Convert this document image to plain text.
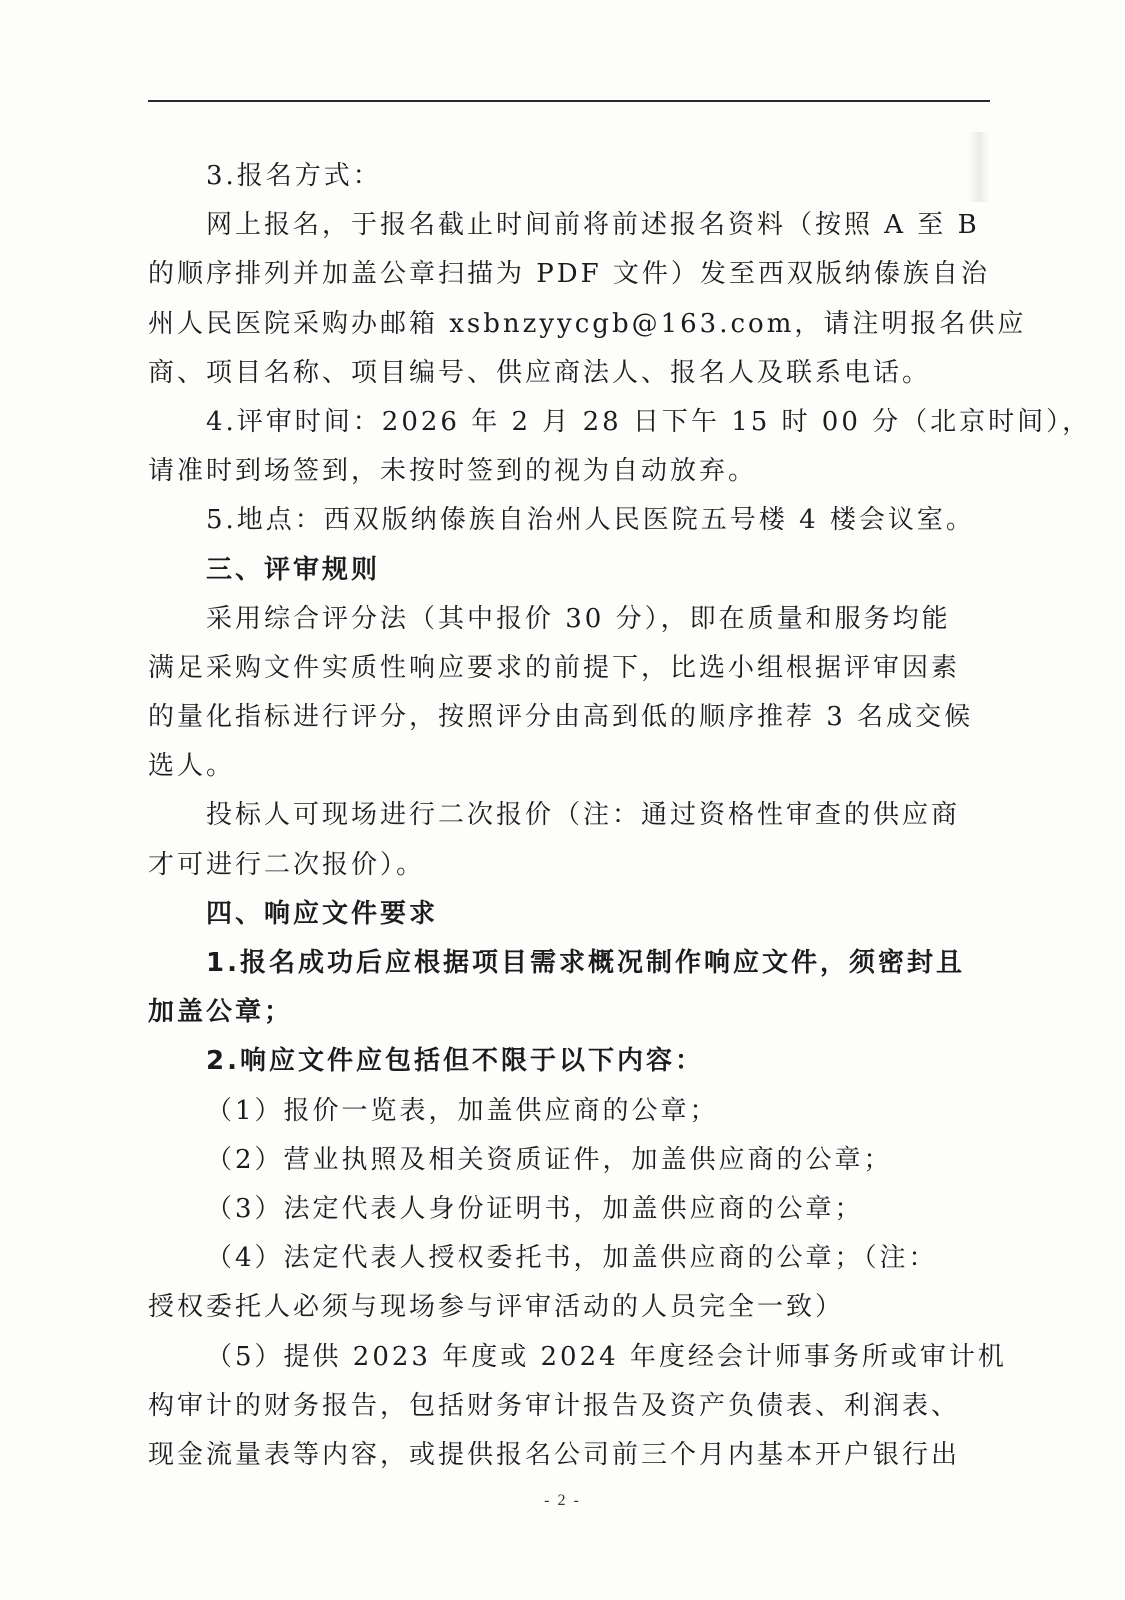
3.报名方式：
网上报名，于报名截止时间前将前述报名资料（按照 A 至 B
的顺序排列并加盖公章扫描为 PDF 文件）发至西双版纳傣族自治
州人民医院采购办邮箱 xsbnzyycgb@163.com，请注明报名供应
商、项目名称、项目编号、供应商法人、报名人及联系电话。
4.评审时间：2026 年 2 月 28 日下午 15 时 00 分（北京时间），
请准时到场签到，未按时签到的视为自动放弃。
5.地点：西双版纳傣族自治州人民医院五号楼 4 楼会议室。
三、评审规则
采用综合评分法（其中报价 30 分），即在质量和服务均能
满足采购文件实质性响应要求的前提下，比选小组根据评审因素
的量化指标进行评分，按照评分由高到低的顺序推荐 3 名成交候
选人。
投标人可现场进行二次报价（注：通过资格性审查的供应商
才可进行二次报价）。
四、响应文件要求
1.报名成功后应根据项目需求概况制作响应文件，须密封且
加盖公章；
2.响应文件应包括但不限于以下内容：
（1）报价一览表，加盖供应商的公章；
（2）营业执照及相关资质证件，加盖供应商的公章；
（3）法定代表人身份证明书，加盖供应商的公章；
（4）法定代表人授权委托书，加盖供应商的公章；（注：
授权委托人必须与现场参与评审活动的人员完全一致）
（5）提供 2023 年度或 2024 年度经会计师事务所或审计机
构审计的财务报告，包括财务审计报告及资产负债表、利润表、
现金流量表等内容，或提供报名公司前三个月内基本开户银行出
- 2 -
